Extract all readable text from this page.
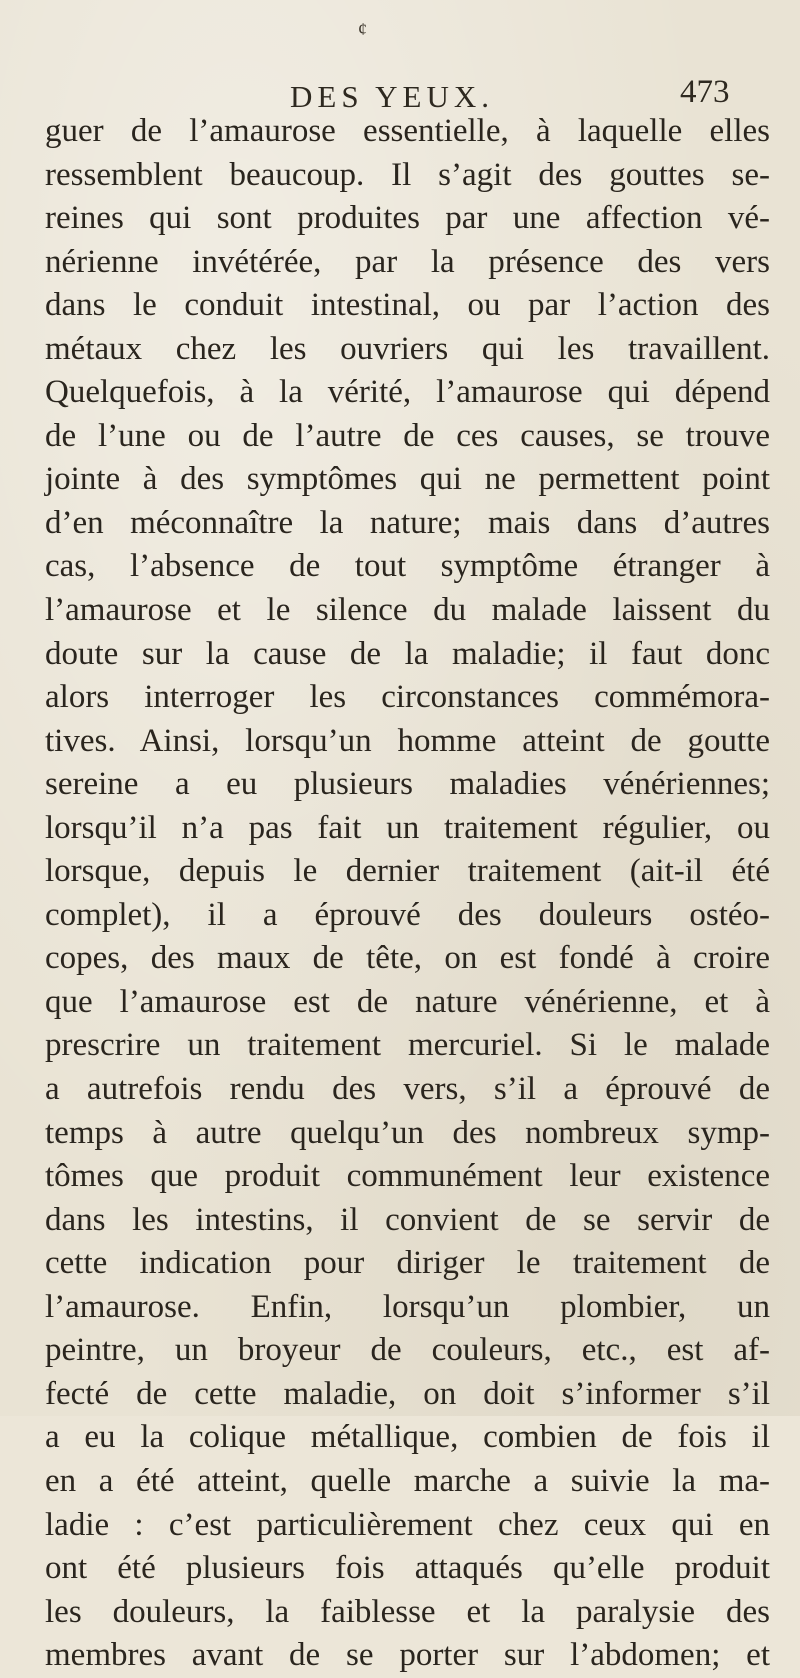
¢
DES YEUX.	473
guer de l’amaurose essentielle, à laquelle elles
ressemblent beaucoup. Il s’agit des gouttes se-
reines qui sont produites par une affection vé-
nérienne invétérée, par la présence des vers
dans le conduit intestinal, ou par l’action des
métaux chez les ouvriers qui les travaillent.
Quelquefois, à la vérité, l’amaurose qui dépend
de l’une ou de l’autre de ces causes, se trouve
jointe à des symptômes qui ne permettent point
d’en méconnaître la nature; mais dans d’autres
cas, l’absence de tout symptôme étranger à
l’amaurose et le silence du malade laissent du
doute sur la cause de la maladie; il faut donc
alors interroger les circonstances commémora-
tives. Ainsi, lorsqu’un homme atteint de goutte
sereine a eu plusieurs maladies vénériennes;
lorsqu’il n’a pas fait un traitement régulier, ou
lorsque, depuis le dernier traitement (ait-il été
complet), il a éprouvé des douleurs ostéo-
copes, des maux de tête, on est fondé à croire
que l’amaurose est de nature vénérienne, et à
prescrire un traitement mercuriel. Si le malade
a autrefois rendu des vers, s’il a éprouvé de
temps à autre quelqu’un des nombreux symp-
tômes que produit communément leur existence
dans les intestins, il convient de se servir de
cette indication pour diriger le traitement de
l’amaurose. Enfin, lorsqu’un plombier, un
peintre, un broyeur de couleurs, etc., est af-
fecté de cette maladie, on doit s’informer s’il
a eu la colique métallique, combien de fois il
en a été atteint, quelle marche a suivie la ma-
ladie : c’est particulièrement chez ceux qui en
ont été plusieurs fois attaqués qu’elle produit
les douleurs, la faiblesse et la paralysie des
membres avant de se porter sur l’abdomen; et
